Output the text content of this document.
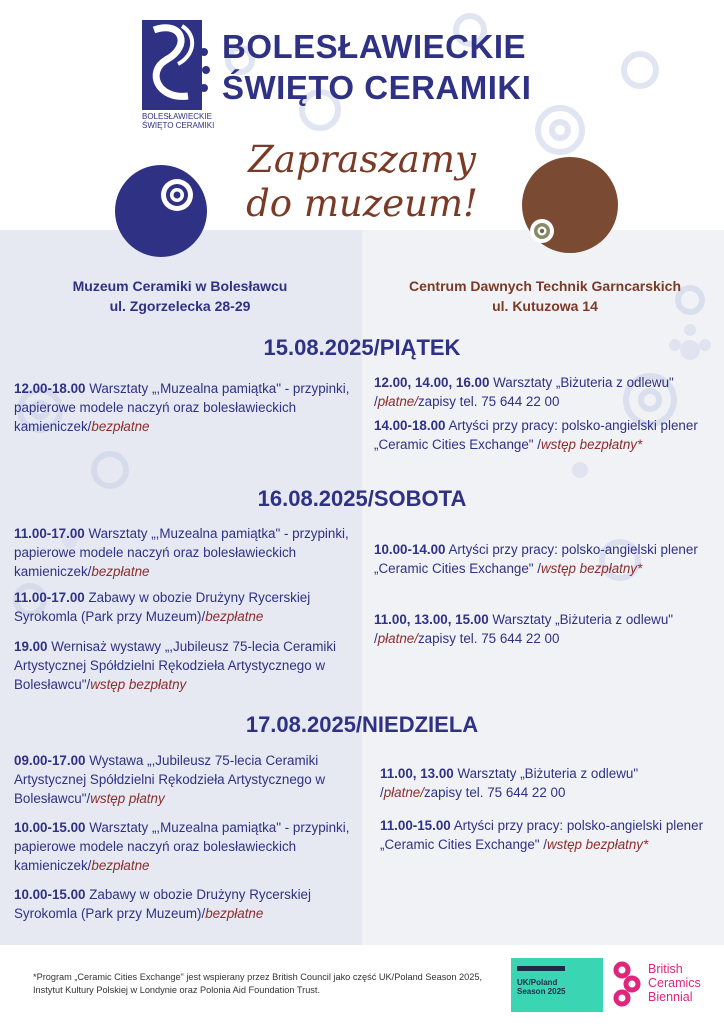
BOLESŁAWIECKIE
ŚWIĘTO CERAMIKI
BOLESŁAWIECKIE
ŚWIĘTO CERAMIKI
Zapraszamy
do muzeum!
Muzeum Ceramiki w Bolesławcu
ul. Zgorzelecka 28-29
Centrum Dawnych Technik Garncarskich
ul. Kutuzowa 14
15.08.2025/PIĄTEK
12.00-18.00 Warsztaty „,Muzealna pamiątka" - przypinki, papierowe modele naczyń oraz bolesławieckich kamieniczek/bezpłatne
12.00, 14.00, 16.00 Warsztaty „Biżuteria z odlewu" /płatne/zapisy tel. 75 644 22 00
14.00-18.00 Artyści przy pracy: polsko-angielski plener „Ceramic Cities Exchange" /wstęp bezpłatny*
16.08.2025/SOBOTA
11.00-17.00 Warsztaty „,Muzealna pamiątka" - przypinki, papierowe modele naczyń oraz bolesławieckich kamieniczek/bezpłatne
11.00-17.00 Zabawy w obozie Drużyny Rycerskiej Syrokomla (Park przy Muzeum)/bezpłatne
19.00 Wernisaż wystawy „,Jubileusz 75-lecia Ceramiki Artystycznej Spółdzielni Rękodzieła Artystycznego w Bolesławcu"/wstęp bezpłatny
10.00-14.00 Artyści przy pracy: polsko-angielski plener „Ceramic Cities Exchange" /wstęp bezpłatny*
11.00, 13.00, 15.00 Warsztaty „Biżuteria z odlewu" /płatne/zapisy tel. 75 644 22 00
17.08.2025/NIEDZIELA
09.00-17.00 Wystawa „,Jubileusz 75-lecia Ceramiki Artystycznej Spółdzielni Rękodzieła Artystycznego w Bolesławcu"/wstęp płatny
10.00-15.00 Warsztaty „,Muzealna pamiątka" - przypinki, papierowe modele naczyń oraz bolesławieckich kamieniczek/bezpłatne
10.00-15.00 Zabawy w obozie Drużyny Rycerskiej Syrokomla (Park przy Muzeum)/bezpłatne
11.00, 13.00 Warsztaty „Biżuteria z odlewu" /płatne/zapisy tel. 75 644 22 00
11.00-15.00 Artyści przy pracy: polsko-angielski plener „Ceramic Cities Exchange" /wstęp bezpłatny*
*Program „Ceramic Cities Exchange" jest wspierany przez British Council jako część UK/Poland Season 2025, Instytut Kultury Polskiej w Londynie oraz Polonia Aid Foundation Trust.
UK/Poland
Season 2025
British
Ceramics
Biennial
